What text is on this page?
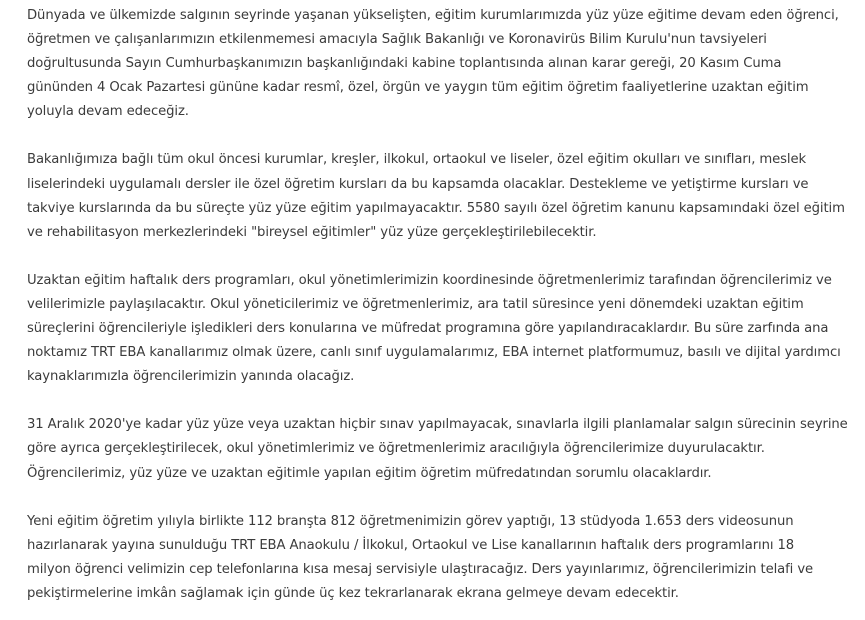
Dünyada ve ülkemizde salgının seyrinde yaşanan yükselişten, eğitim kurumlarımızda yüz yüze eğitime devam eden öğrenci,
öğretmen ve çalışanlarımızın etkilenmemesi amacıyla Sağlık Bakanlığı ve Koronavirüs Bilim Kurulu'nun tavsiyeleri
doğrultusunda Sayın Cumhurbaşkanımızın başkanlığındaki kabine toplantısında alınan karar gereği, 20 Kasım Cuma
gününden 4 Ocak Pazartesi gününe kadar resmî, özel, örgün ve yaygın tüm eğitim öğretim faaliyetlerine uzaktan eğitim
yoluyla devam edeceğiz.

Bakanlığımıza bağlı tüm okul öncesi kurumlar, kreşler, ilkokul, ortaokul ve liseler, özel eğitim okulları ve sınıfları, meslek
liselerindeki uygulamalı dersler ile özel öğretim kursları da bu kapsamda olacaklar. Destekleme ve yetiştirme kursları ve
takviye kurslarında da bu süreçte yüz yüze eğitim yapılmayacaktır. 5580 sayılı özel öğretim kanunu kapsamındaki özel eğitim
ve rehabilitasyon merkezlerindeki "bireysel eğitimler" yüz yüze gerçekleştirilebilecektir.

Uzaktan eğitim haftalık ders programları, okul yönetimlerimizin koordinesinde öğretmenlerimiz tarafından öğrencilerimiz ve
velilerimizle paylaşılacaktır. Okul yöneticilerimiz ve öğretmenlerimiz, ara tatil süresince yeni dönemdeki uzaktan eğitim
süreçlerini öğrencileriyle işledikleri ders konularına ve müfredat programına göre yapılandıracaklardır. Bu süre zarfında ana
noktamız TRT EBA kanallarımız olmak üzere, canlı sınıf uygulamalarımız, EBA internet platformumuz, basılı ve dijital yardımcı
kaynaklarımızla öğrencilerimizin yanında olacağız.

31 Aralık 2020'ye kadar yüz yüze veya uzaktan hiçbir sınav yapılmayacak, sınavlarla ilgili planlamalar salgın sürecinin seyrine
göre ayrıca gerçekleştirilecek, okul yönetimlerimiz ve öğretmenlerimiz aracılığıyla öğrencilerimize duyurulacaktır.
Öğrencilerimiz, yüz yüze ve uzaktan eğitimle yapılan eğitim öğretim müfredatından sorumlu olacaklardır.

Yeni eğitim öğretim yılıyla birlikte 112 branşta 812 öğretmenimizin görev yaptığı, 13 stüdyoda 1.653 ders videosunun
hazırlanarak yayına sunulduğu TRT EBA Anaokulu / İlkokul, Ortaokul ve Lise kanallarının haftalık ders programlarını 18
milyon öğrenci velimizin cep telefonlarına kısa mesaj servisiyle ulaştıracağız. Ders yayınlarımız, öğrencilerimizin telafi ve
pekiştirmelerine imkân sağlamak için günde üç kez tekrarlanarak ekrana gelmeye devam edecektir.
